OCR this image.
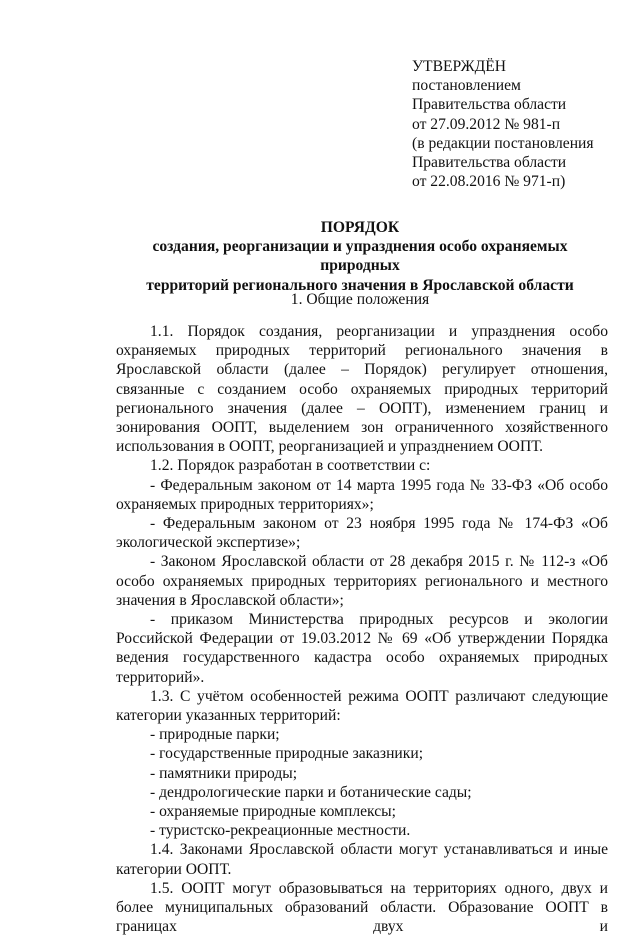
УТВЕРЖДЁН
постановлением
Правительства области
от 27.09.2012 № 981-п
(в редакции постановления
Правительства области
от 22.08.2016 № 971-п)
ПОРЯДОК
создания, реорганизации и упразднения особо охраняемых природных
территорий регионального значения в Ярославской области
1. Общие положения

1.1. Порядок создания, реорганизации и упразднения особо охраняемых природных территорий регионального значения в Ярославской области (далее – Порядок) регулирует отношения, связанные с созданием особо охраняемых природных территорий регионального значения (далее – ООПТ), изменением границ и зонирования ООПТ, выделением зон ограниченного хозяйственного использования в ООПТ, реорганизацией и упразднением ООПТ.

1.2. Порядок разработан в соответствии с:

- Федеральным законом от 14 марта 1995 года № 33-ФЗ «Об особо охраняемых природных территориях»;

- Федеральным законом от 23 ноября 1995 года № 174-ФЗ «Об экологической экспертизе»;

- Законом Ярославской области от 28 декабря 2015 г. № 112-з «Об особо охраняемых природных территориях регионального и местного значения в Ярославской области»;

- приказом Министерства природных ресурсов и экологии Российской Федерации от 19.03.2012 № 69 «Об утверждении Порядка ведения государственного кадастра особо охраняемых природных территорий».

1.3. С учётом особенностей режима ООПТ различают следующие категории указанных территорий:

- природные парки;

- государственные природные заказники;

- памятники природы;

- дендрологические парки и ботанические сады;

- охраняемые природные комплексы;

- туристско-рекреационные местности.

1.4. Законами Ярославской области могут устанавливаться и иные категории ООПТ.

1.5. ООПТ могут образовываться на территориях одного, двух и более муниципальных образований области. Образование ООПТ в границах двух и
